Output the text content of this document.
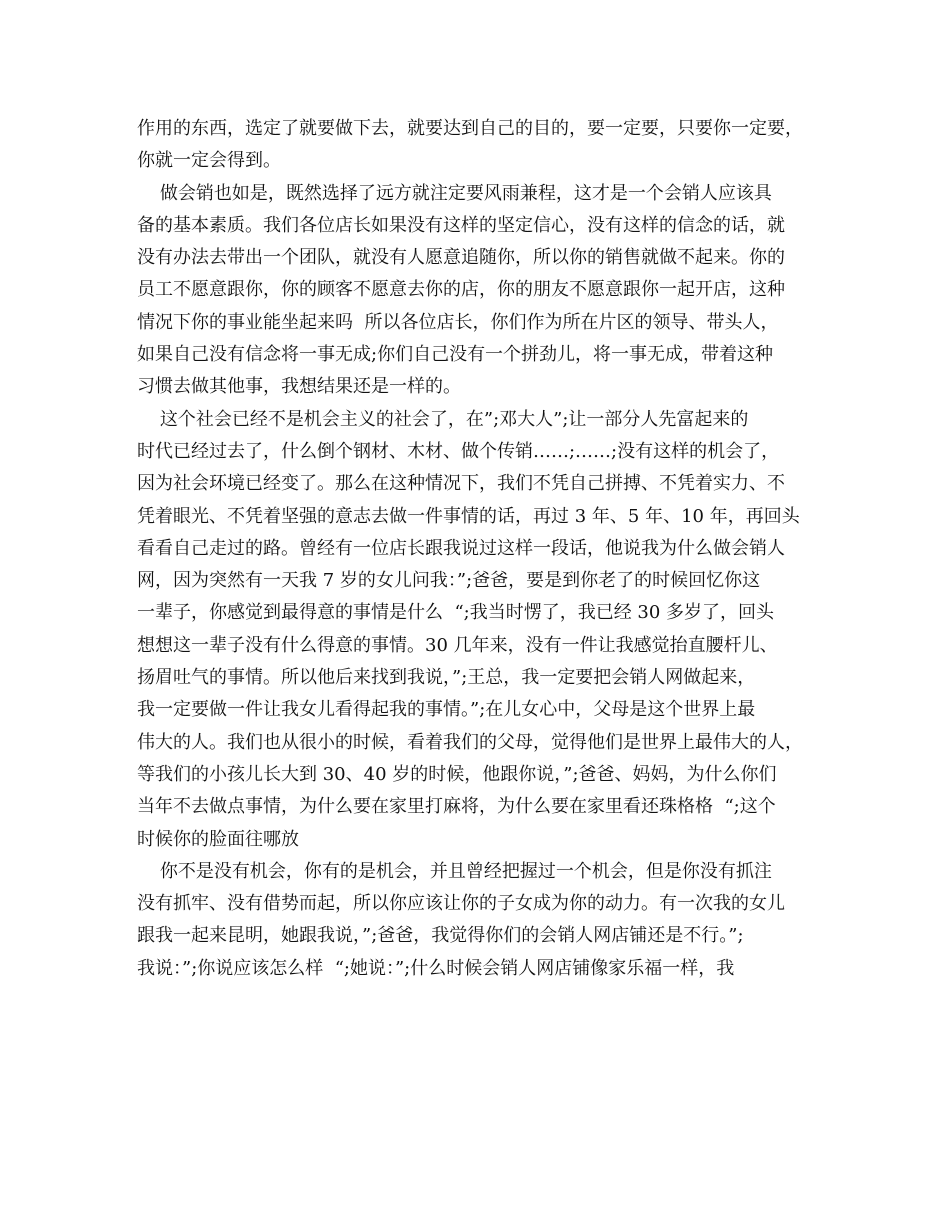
作用的东西，选定了就要做下去，就要达到自己的目的，要一定要，只要你一定要，
你就一定会得到。
做会销也如是，既然选择了远方就注定要风雨兼程，这才是一个会销人应该具
备的基本素质。我们各位店长如果没有这样的坚定信心，没有这样的信念的话，就
没有办法去带出一个团队，就没有人愿意追随你，所以你的销售就做不起来。你的
员工不愿意跟你，你的顾客不愿意去你的店，你的朋友不愿意跟你一起开店，这种
情况下你的事业能坐起来吗  所以各位店长，你们作为所在片区的领导、带头人，
如果自己没有信念将一事无成;你们自己没有一个拼劲儿，将一事无成，带着这种
习惯去做其他事，我想结果还是一样的。
这个社会已经不是机会主义的社会了，在”;邓大人”;让一部分人先富起来的
时代已经过去了，什么倒个钢材、木材、做个传销……;……;没有这样的机会了，
因为社会环境已经变了。那么在这种情况下，我们不凭自己拼搏、不凭着实力、不
凭着眼光、不凭着坚强的意志去做一件事情的话，再过 3 年、5 年、10 年，再回头
看看自己走过的路。曾经有一位店长跟我说过这样一段话，他说我为什么做会销人
网，因为突然有一天我 7 岁的女儿问我：”;爸爸，要是到你老了的时候回忆你这
一辈子，你感觉到最得意的事情是什么  “;我当时愣了，我已经 30 多岁了，回头
想想这一辈子没有什么得意的事情。30 几年来，没有一件让我感觉抬直腰杆儿、
扬眉吐气的事情。所以他后来找到我说，”;王总，我一定要把会销人网做起来，
我一定要做一件让我女儿看得起我的事情。”;在儿女心中，父母是这个世界上最
伟大的人。我们也从很小的时候，看着我们的父母，觉得他们是世界上最伟大的人，
等我们的小孩儿长大到 30、40 岁的时候，他跟你说，”;爸爸、妈妈，为什么你们
当年不去做点事情，为什么要在家里打麻将，为什么要在家里看还珠格格  “;这个
时候你的脸面往哪放
你不是没有机会，你有的是机会，并且曾经把握过一个机会，但是你没有抓注
没有抓牢、没有借势而起，所以你应该让你的子女成为你的动力。有一次我的女儿
跟我一起来昆明，她跟我说，”;爸爸，我觉得你们的会销人网店铺还是不行。”;
我说：”;你说应该怎么样  “;她说：”;什么时候会销人网店铺像家乐福一样，我
